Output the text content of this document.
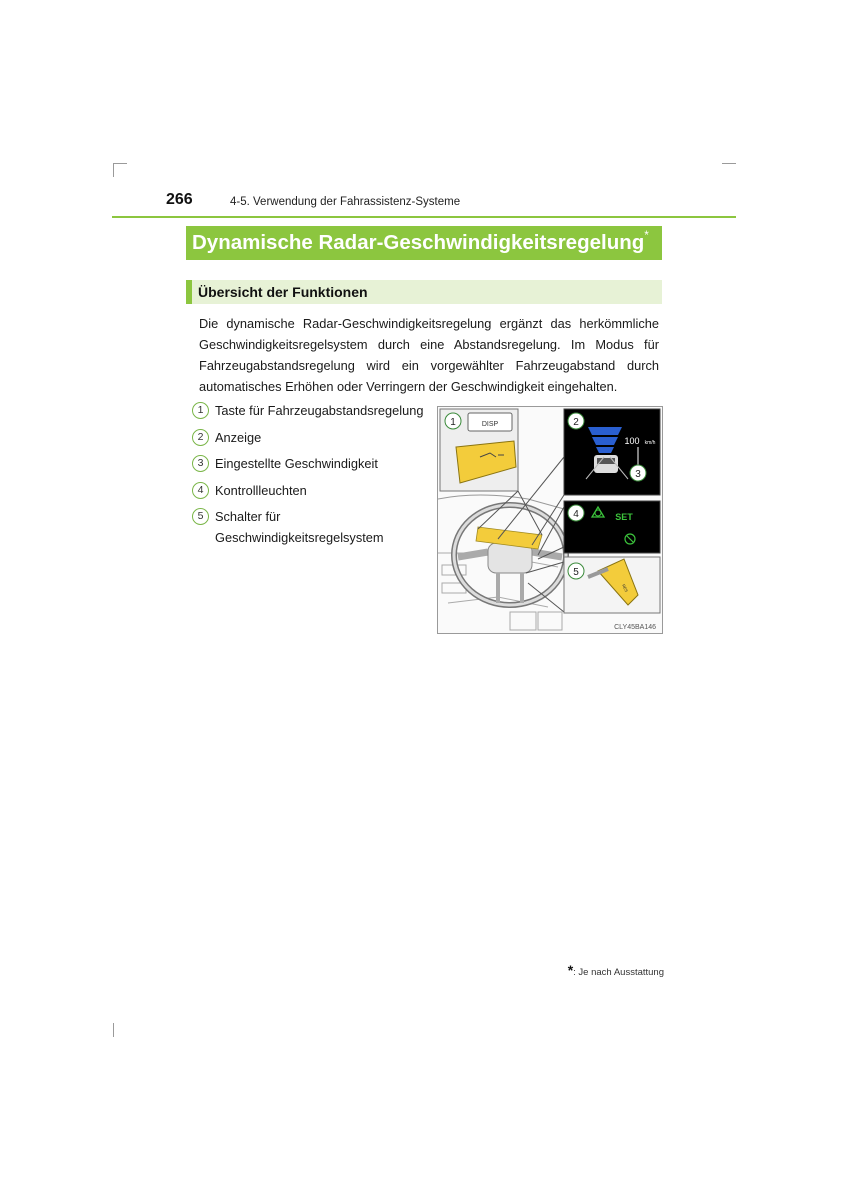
266	4-5. Verwendung der Fahrassistenz-Systeme
Dynamische Radar-Geschwindigkeitsregelung*
Übersicht der Funktionen
Die dynamische Radar-Geschwindigkeitsregelung ergänzt das herkömmliche Geschwindigkeitsregelsystem durch eine Abstandsregelung. Im Modus für Fahrzeugabstandsregelung wird ein vorgewählter Fahrzeugabstand durch automatisches Erhöhen oder Verringern der Geschwindigkeit eingehalten.
1 Taste für Fahrzeugabstandsregelung
2 Anzeige
3 Eingestellte Geschwindigkeit
4 Kontrollleuchten
5 Schalter für Geschwindigkeitsregelsystem
DISP
100 km/h
SET
RES
1	2
3
4
5
CLY45BA146
*: Je nach Ausstattung
